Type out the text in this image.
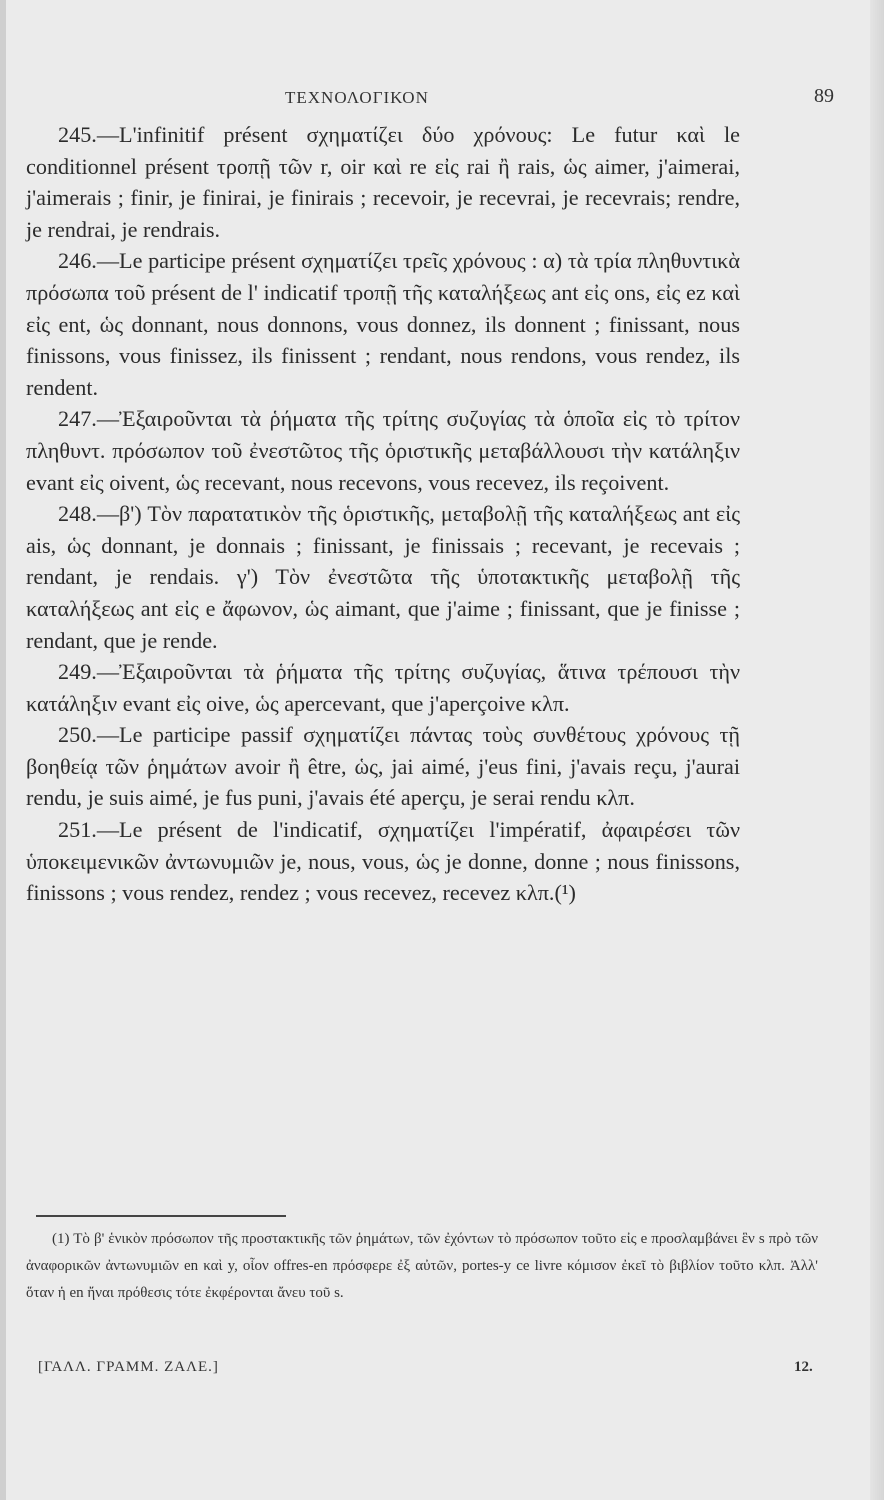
ΤΕΧΝΟΛΟΓΙΚΟΝ	89

245.—L'infinitif présent σχηματίζει δύο χρόνους: Le futur καὶ le conditionnel présent τροπῇ τῶν r, oir καὶ re εἰς rai ἢ rais, ὡς aimer, j'aimerai, j'aimerais ; finir, je finirai, je finirais ; recevoir, je recevrai, je recevrais; rendre, je rendrai, je rendrais.

246.—Le participe présent σχηματίζει τρεῖς χρόνους : α) τὰ τρία πληθυντικὰ πρόσωπα τοῦ présent de l' indicatif τροπῇ τῆς καταλήξεως ant εἰς ons, εἰς ez καὶ εἰς ent, ὡς donnant, nous donnons, vous donnez, ils donnent ; finissant, nous finissons, vous finissez, ils finissent ; rendant, nous rendons, vous rendez, ils rendent.

247.—Ἐξαιροῦνται τὰ ῥήματα τῆς τρίτης συζυγίας τὰ ὁποῖα εἰς τὸ τρίτον πληθυντ. πρόσωπον τοῦ ἐνεστῶτος τῆς ὁριστικῆς μεταβάλλουσι τὴν κατάληξιν evant εἰς oivent, ὡς recevant, nous recevons, vous recevez, ils reçoivent.

248.—β') Τὸν παρατατικὸν τῆς ὁριστικῆς, μεταβολῇ τῆς καταλήξεως ant εἰς ais, ὡς donnant, je donnais ; finissant, je finissais ; recevant, je recevais ; rendant, je rendais. γ') Τὸν ἐνεστῶτα τῆς ὑποτακτικῆς μεταβολῇ τῆς καταλήξεως ant εἰς e ἄφωνον, ὡς aimant, que j'aime ; finissant, que je finisse ; rendant, que je rende.

249.—Ἐξαιροῦνται τὰ ῥήματα τῆς τρίτης συζυγίας, ἅτινα τρέπουσι τὴν κατάληξιν evant εἰς oive, ὡς apercevant, que j'aperçoive κλπ.

250.—Le participe passif σχηματίζει πάντας τοὺς συνθέτους χρόνους τῇ βοηθείᾳ τῶν ῥημάτων avoir ἢ être, ὡς, jai aimé, j'eus fini, j'avais reçu, j'aurai rendu, je suis aimé, je fus puni, j'avais été aperçu, je serai rendu κλπ.

251.—Le présent de l'indicatif, σχηματίζει l'impératif, ἀφαιρέσει τῶν ὑποκειμενικῶν ἀντωνυμιῶν je, nous, vous, ὡς je donne, donne ; nous finissons, finissons ; vous rendez, rendez ; vous recevez, recevez κλπ.(¹)

(1) Τὸ β' ἑνικὸν πρόσωπον τῆς προστακτικῆς τῶν ῥημάτων, τῶν ἐχόντων τὸ πρόσωπον τοῦτο εἰς e προσλαμβάνει ἓν s πρὸ τῶν ἀναφορικῶν ἀντωνυμιῶν en καὶ y, οἷον offres-en πρόσφερε ἐξ αὐτῶν, portes-y ce livre κόμισον ἐκεῖ τὸ βιβλίον τοῦτο κλπ. Ἀλλ' ὅταν ἡ en ἤναι πρόθεσις τότε ἐκφέρονται ἄνευ τοῦ s.

[ΓΑΛΛ. ΓΡΑΜΜ. ΖΑΛΕ.]	12.
